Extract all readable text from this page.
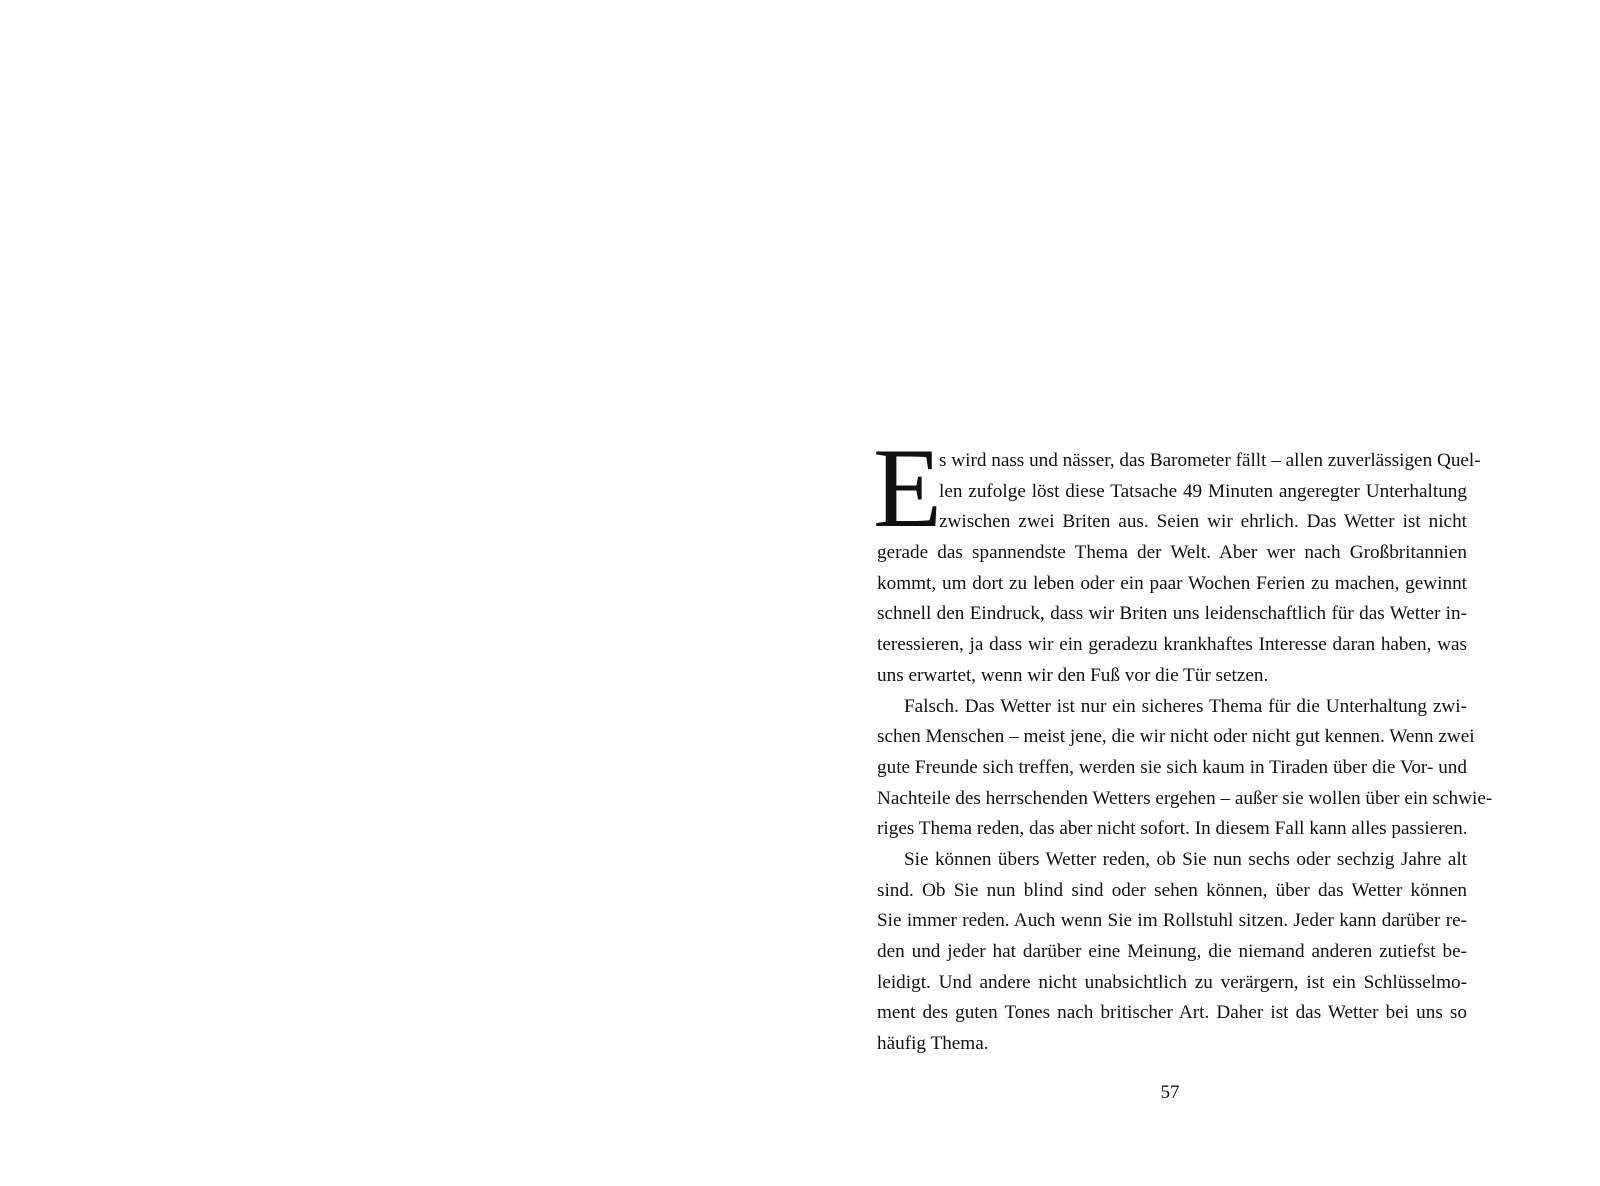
E
s wird nass und nässer, das Barometer fällt – allen zuverlässigen Quel-
len zufolge löst diese Tatsache 49 Minuten angeregter Unterhaltung
zwischen zwei Briten aus. Seien wir ehrlich. Das Wetter ist nicht
gerade das spannendste Thema der Welt. Aber wer nach Großbritannien
kommt, um dort zu leben oder ein paar Wochen Ferien zu machen, gewinnt
schnell den Eindruck, dass wir Briten uns leidenschaftlich für das Wetter in-
teressieren, ja dass wir ein geradezu krankhaftes Interesse daran haben, was
uns erwartet, wenn wir den Fuß vor die Tür setzen.
Falsch. Das Wetter ist nur ein sicheres Thema für die Unterhaltung zwi-
schen Menschen – meist jene, die wir nicht oder nicht gut kennen. Wenn zwei
gute Freunde sich treffen, werden sie sich kaum in Tiraden über die Vor- und
Nachteile des herrschenden Wetters ergehen – außer sie wollen über ein schwie-
riges Thema reden, das aber nicht sofort. In diesem Fall kann alles passieren.
Sie können übers Wetter reden, ob Sie nun sechs oder sechzig Jahre alt
sind. Ob Sie nun blind sind oder sehen können, über das Wetter können
Sie immer reden. Auch wenn Sie im Rollstuhl sitzen. Jeder kann darüber re-
den und jeder hat darüber eine Meinung, die niemand anderen zutiefst be-
leidigt. Und andere nicht unabsichtlich zu verärgern, ist ein Schlüsselmo-
ment des guten Tones nach britischer Art. Daher ist das Wetter bei uns so
häufig Thema.
57
